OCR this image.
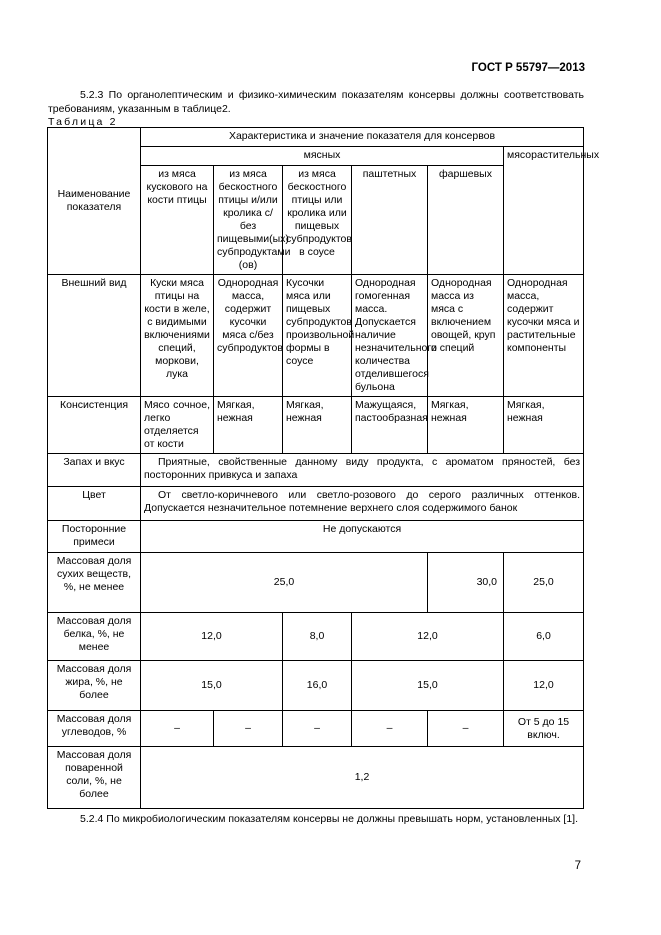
ГОСТ Р 55797—2013
5.2.3 По органолептическим и физико-химическим показателям консервы должны соответствовать требованиям, указанным в таблице2.
Таблица 2
Наименование показателя	Характеристика и значение показателя для консервов					
	мясных					мясорастительных
	из мяса кускового на кости птицы	из мяса бескостного птицы и/или кролика с/без пищевыми(ых) субпродуктами (ов)	из мяса бескостного птицы или кролика или пищевых субпродуктов в соусе	паштетных	фаршевых	
Внешний вид	Куски мяса птицы на кости в желе, с видимыми включениями специй, моркови, лука	Однородная масса, содержит кусочки мяса с/без субпродуктов	Кусочки мяса или пищевых субпродуктов произвольной формы в соусе	Однородная гомогенная масса. Допускается наличие незначительного количества отделившегося бульона	Однородная масса из мяса с включением овощей, круп и специй	Однородная масса, содержит кусочки мяса и растительные компоненты
Консистенция	Мясо сочное, легко отделяется от кости	Мягкая, нежная	Мягкая, нежная	Мажущаяся, пастообразная	Мягкая, нежная	Мягкая, нежная
Запах и вкус	Приятные, свойственные данному виду продукта, с ароматом пряностей, без посторонних привкуса и запаха					
Цвет	От светло-коричневого или светло-розового до серого различных оттенков. Допускается незначительное потемнение верхнего слоя содержимого банок					
Посторонние примеси	Не допускаются					
Массовая доля сухих веществ, %, не менее	25,0				30,0	25,0
Массовая доля белка, %, не менее	12,0		8,0	12,0		6,0
Массовая доля жира, %, не более	15,0		16,0	15,0		12,0
Массовая доля углеводов, %	–	–	–	–	–	От 5 до 15 включ.
Массовая доля поваренной соли, %, не более	1,2					
5.2.4 По микробиологическим показателям консервы не должны превышать норм, установленных [1].
7
